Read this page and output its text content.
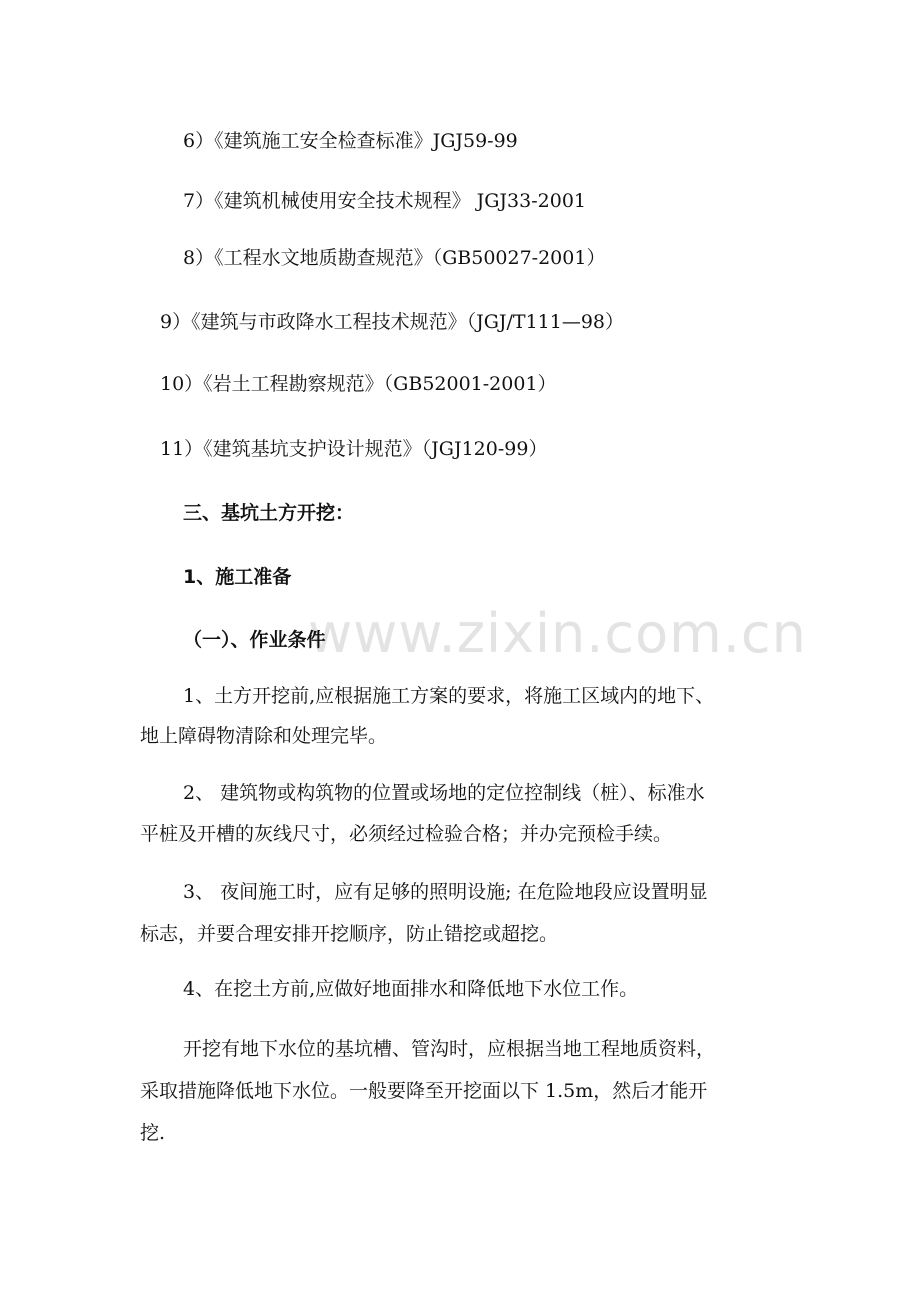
www.zixin.com.cn
6）《建筑施工安全检查标准》JGJ59-99
7）《建筑机械使用安全技术规程》 JGJ33-2001
8）《工程水文地质勘查规范》（GB50027-2001）
9）《建筑与市政降水工程技术规范》（JGJ/T111—98）
10）《岩土工程勘察规范》（GB52001-2001）
11）《建筑基坑支护设计规范》（JGJ120-99）
三、基坑土方开挖：
1、施工准备
（一）、作业条件
1、土方开挖前,应根据施工方案的要求，将施工区域内的地下、
地上障碍物清除和处理完毕。
2、 建筑物或构筑物的位置或场地的定位控制线（桩）、标准水
平桩及开槽的灰线尺寸，必须经过检验合格；并办完预检手续。
3、 夜间施工时，应有足够的照明设施; 在危险地段应设置明显
标志，并要合理安排开挖顺序，防止错挖或超挖。
4、在挖土方前,应做好地面排水和降低地下水位工作。
开挖有地下水位的基坑槽、管沟时，应根据当地工程地质资料，
采取措施降低地下水位。一般要降至开挖面以下 1.5m，然后才能开
挖.
